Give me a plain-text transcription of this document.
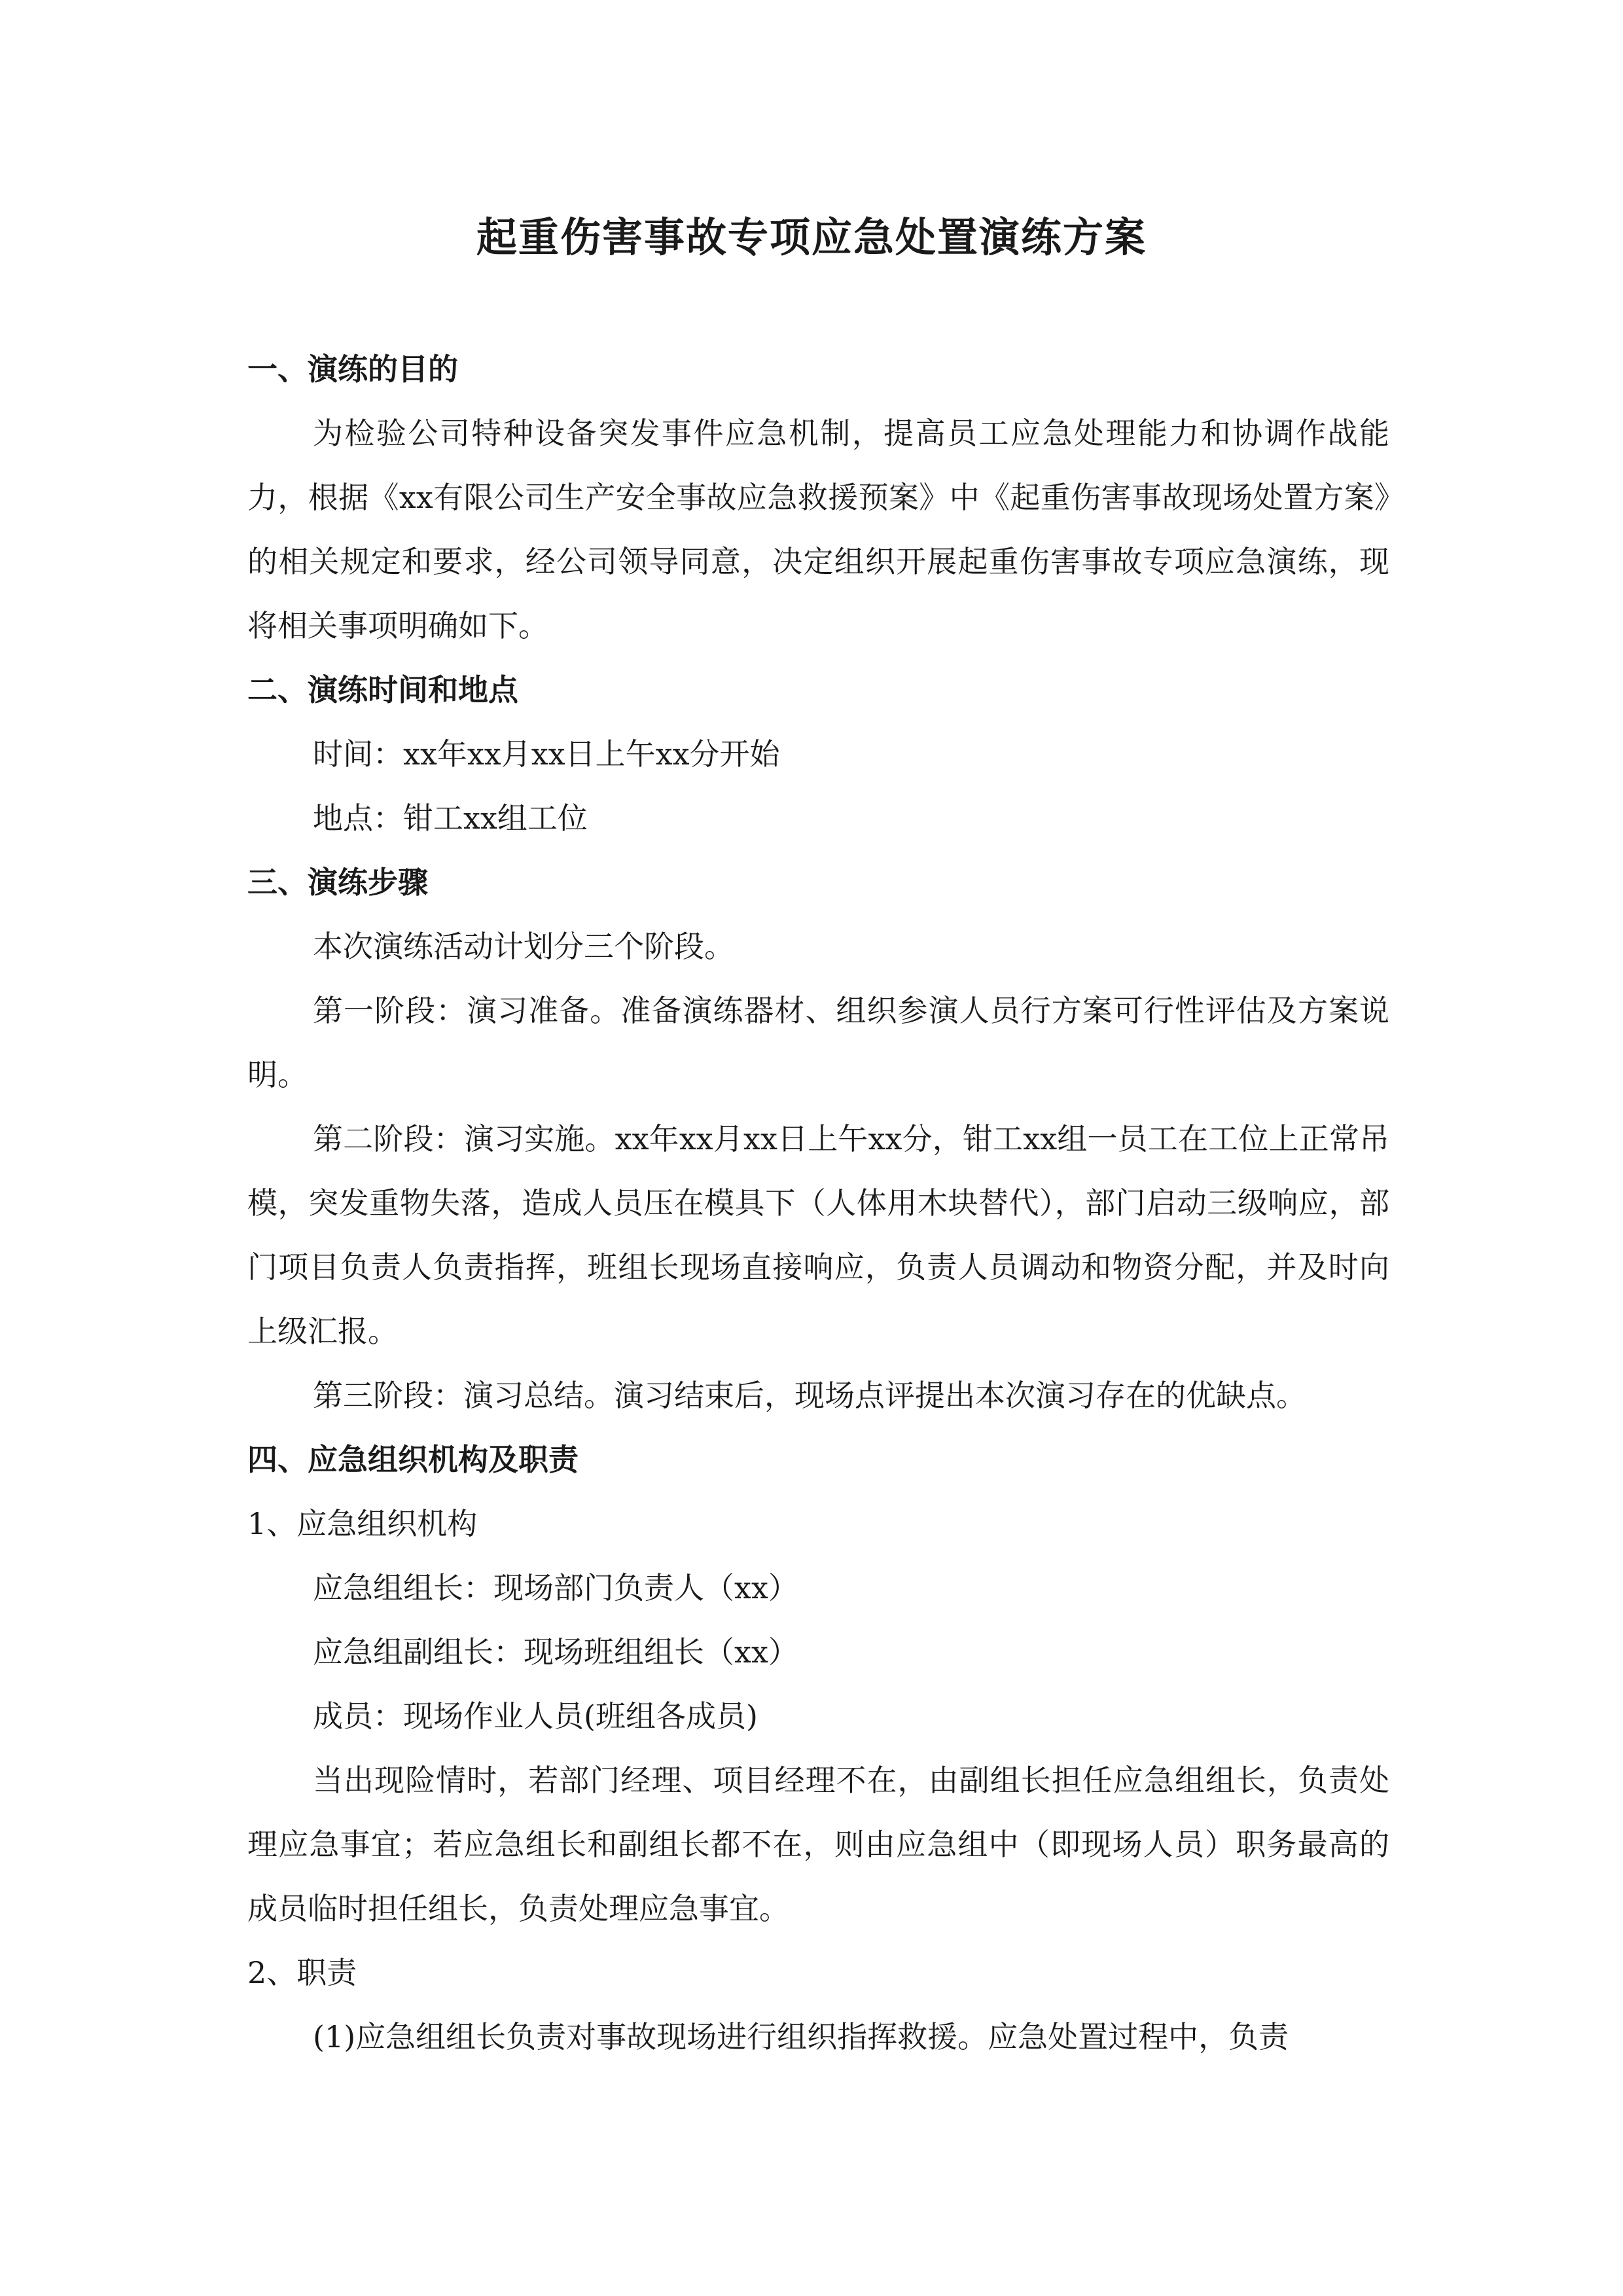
起重伤害事故专项应急处置演练方案

一、演练的目的

为检验公司特种设备突发事件应急机制，提高员工应急处理能力和协调作战能力，根据《xx有限公司生产安全事故应急救援预案》中《起重伤害事故现场处置方案》的相关规定和要求，经公司领导同意，决定组织开展起重伤害事故专项应急演练，现将相关事项明确如下。

二、演练时间和地点

时间：xx年xx月xx日上午xx分开始

地点：钳工xx组工位

三、演练步骤

本次演练活动计划分三个阶段。

第一阶段：演习准备。准备演练器材、组织参演人员行方案可行性评估及方案说明。

第二阶段：演习实施。xx年xx月xx日上午xx分，钳工xx组一员工在工位上正常吊模，突发重物失落，造成人员压在模具下（人体用木块替代），部门启动三级响应，部门项目负责人负责指挥，班组长现场直接响应，负责人员调动和物资分配，并及时向上级汇报。

第三阶段：演习总结。演习结束后，现场点评提出本次演习存在的优缺点。

四、应急组织机构及职责

1、应急组织机构

应急组组长：现场部门负责人（xx）

应急组副组长：现场班组组长（xx）

成员：现场作业人员(班组各成员)

当出现险情时，若部门经理、项目经理不在，由副组长担任应急组组长，负责处理应急事宜；若应急组长和副组长都不在，则由应急组中（即现场人员）职务最高的成员临时担任组长，负责处理应急事宜。

2、职责

(1)应急组组长负责对事故现场进行组织指挥救援。应急处置过程中，负责
